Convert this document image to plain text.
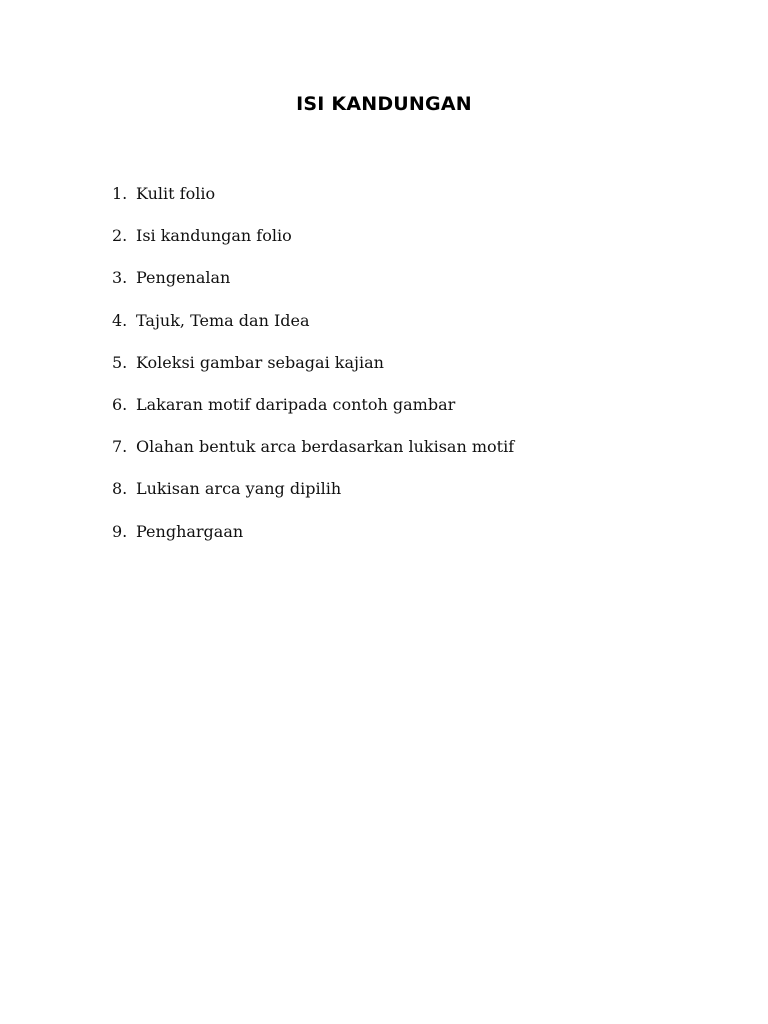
ISI KANDUNGAN
1. Kulit folio
2. Isi kandungan folio
3. Pengenalan
4. Tajuk, Tema dan Idea
5. Koleksi gambar sebagai kajian
6. Lakaran motif daripada contoh gambar
7. Olahan bentuk arca berdasarkan lukisan motif
8. Lukisan arca yang dipilih
9. Penghargaan
